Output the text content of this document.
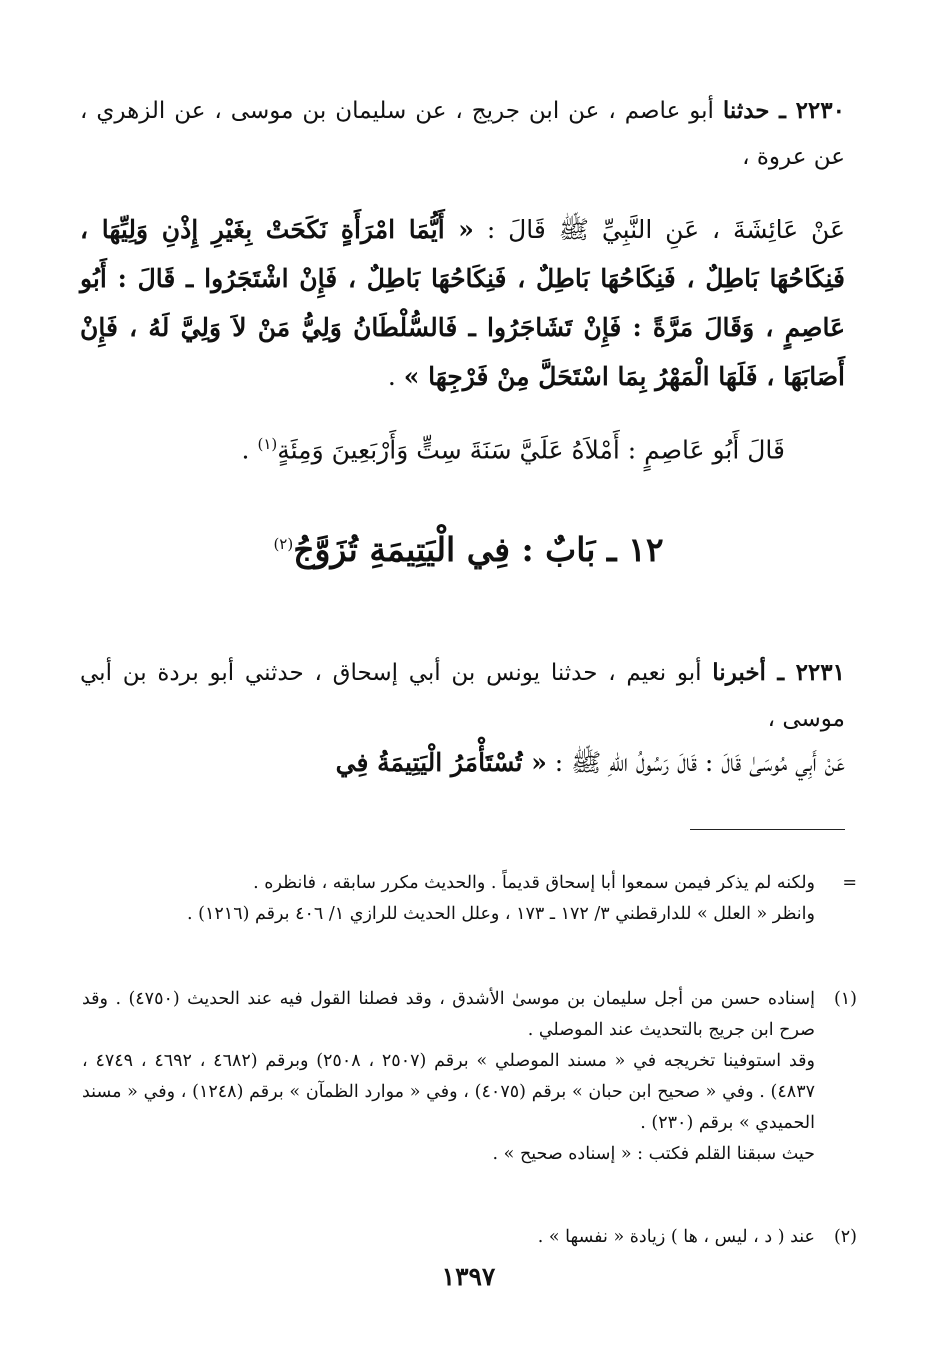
٢٢٣٠ ـ حدثنا أبو عاصم ، عن ابن جريج ، عن سليمان بن موسى ، عن الزهري ، عن عروة ،
عَنْ عَائِشَةَ ، عَنِ النَّبِيِّ ﷺ قَالَ : « أَيُّمَا امْرَأَةٍ نَكَحَتْ بِغَيْرِ إِذْنِ وَلِيِّهَا ، فَنِكَاحُهَا بَاطِلٌ ، فَنِكَاحُهَا بَاطِلٌ ، فَنِكَاحُهَا بَاطِلٌ ، فَإِنْ اشْتَجَرُوا ـ قَالَ : أَبُو عَاصِمٍ ، وَقَالَ مَرَّةً : فَإِنْ تَشَاجَرُوا ـ فَالسُّلْطَانُ وَلِيُّ مَنْ لاَ وَلِيَّ لَهُ ، فَإِنْ أَصَابَهَا ، فَلَهَا الْمَهْرُ بِمَا اسْتَحَلَّ مِنْ فَرْجِهَا » .
قَالَ أَبُو عَاصِمٍ : أَمْلاَهُ عَلَيَّ سَنَةَ سِتٍّ وَأَرْبَعِينَ وَمِئَةٍ$^{(١)}$ .
١٢ ـ بَابٌ : فِي الْيَتِيمَةِ تُزَوَّجُ$^{(٢)}$
٢٢٣١ ـ أخبرنا أبو نعيم ، حدثنا يونس بن أبي إسحاق ، حدثني أبو بردة بن أبي موسى ،
عَنْ أَبِي مُوسَىٰ قَالَ : قَالَ رَسُولُ اللهِ ﷺ : « تُسْتَأْمَرُ الْيَتِيمَةُ فِي
=
ولكنه لم يذكر فيمن سمعوا أبا إسحاق قديماً . والحديث مكرر سابقه ، فانظره .
وانظر « العلل » للدارقطني ٣/ ١٧٢ ـ ١٧٣ ، وعلل الحديث للرازي ١/ ٤٠٦ برقم (١٢١٦) .
(١)
إسناده حسن من أجل سليمان بن موسىٰ الأشدق ، وقد فصلنا القول فيه عند الحديث (٤٧٥٠) . وقد صرح ابن جريج بالتحديث عند الموصلي .
وقد استوفينا تخريجه في « مسند الموصلي » برقم (٢٥٠٧ ، ٢٥٠٨) وبرقم (٤٦٨٢ ، ٤٦٩٢ ، ٤٧٤٩ ، ٤٨٣٧) . وفي « صحيح ابن حبان » برقم (٤٠٧٥) ، وفي « موارد الظمآن » برقم (١٢٤٨) ، وفي « مسند الحميدي » برقم (٢٣٠) .
حيث سبقنا القلم فكتب : « إسناده صحيح » .
(٢)
عند ( د ، ليس ، ها ) زيادة « نفسها » .
١٣٩٧
